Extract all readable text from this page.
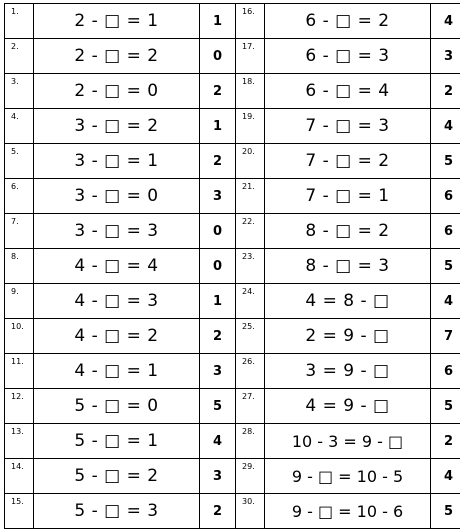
1.	2 - □ = 1	1	16.	6 - □ = 2	4
2.	2 - □ = 2	0	17.	6 - □ = 3	3
3.	2 - □ = 0	2	18.	6 - □ = 4	2
4.	3 - □ = 2	1	19.	7 - □ = 3	4
5.	3 - □ = 1	2	20.	7 - □ = 2	5
6.	3 - □ = 0	3	21.	7 - □ = 1	6
7.	3 - □ = 3	0	22.	8 - □ = 2	6
8.	4 - □ = 4	0	23.	8 - □ = 3	5
9.	4 - □ = 3	1	24.	4 = 8 - □	4
10.	4 - □ = 2	2	25.	2 = 9 - □	7
11.	4 - □ = 1	3	26.	3 = 9 - □	6
12.	5 - □ = 0	5	27.	4 = 9 - □	5
13.	5 - □ = 1	4	28.	10 - 3 = 9 - □	2
14.	5 - □ = 2	3	29.	9 - □ = 10 - 5	4
15.	5 - □ = 3	2	30.	9 - □ = 10 - 6	5
